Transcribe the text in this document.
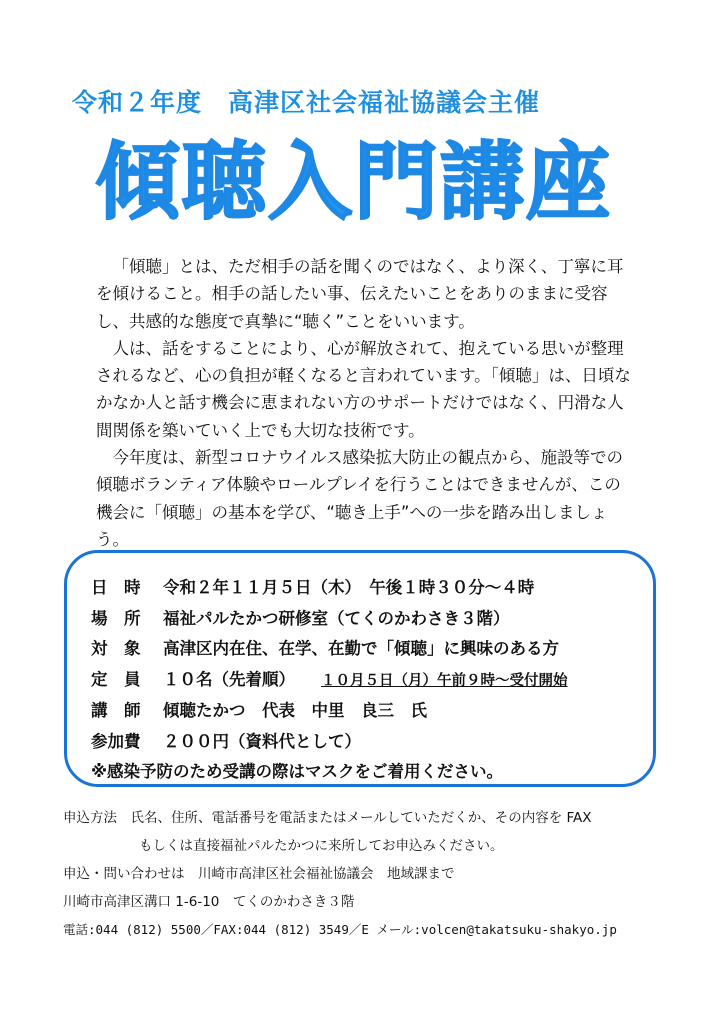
令和２年度　高津区社会福祉協議会主催
傾聴入門講座

「傾聴」とは、ただ相手の話を聞くのではなく、より深く、丁寧に耳を傾けること。相手の話したい事、伝えたいことをありのままに受容し、共感的な態度で真摯に“聴く”ことをいいます。

人は、話をすることにより、心が解放されて、抱えている思いが整理されるなど、心の負担が軽くなると言われています。「傾聴」は、日頃なかなか人と話す機会に恵まれない方のサポートだけではなく、円滑な人間関係を築いていく上でも大切な技術です。

今年度は、新型コロナウイルス感染拡大防止の観点から、施設等での傾聴ボランティア体験やロールプレイを行うことはできませんが、この機会に「傾聴」の基本を学び、“聴き上手”への一歩を踏み出しましょう。

日　時 令和２年１１月５日（木）　午後１時３０分～４時
場　所 福祉パルたかつ研修室（てくのかわさき３階）
対　象 高津区内在住、在学、在勤で「傾聴」に興味のある方
定　員 １０名（先着順） １０月５日（月）午前９時～受付開始
講　師 傾聴たかつ　代表　中里　良三　氏
参加費 ２００円（資料代として）
※感染予防のため受講の際はマスクをご着用ください。
申込方法　氏名、住所、電話番号を電話またはメールしていただくか、その内容を FAX
もしくは直接福祉パルたかつに来所してお申込みください。
申込・問い合わせは　川崎市高津区社会福祉協議会　地域課まで
川崎市高津区溝口 1-6-10　てくのかわさき３階
電話:044 (812) 5500／FAX:044 (812) 3549／E メール:volcen@takatsuku-shakyo.jp
